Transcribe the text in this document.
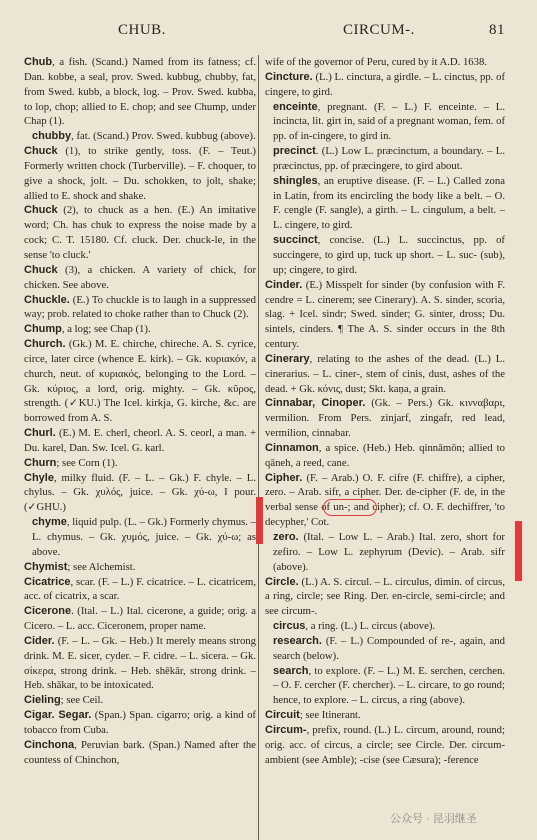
CHUB.	CIRCUM-.	81

Chub, a fish. (Scand.) Named from its fatness; cf. Dan. kobbe, a seal, prov. Swed. kubbug, chubby, fat, from Swed. kubb, a block, log. – Prov. Swed. kubba, to lop, chop; allied to E. chop; and see Chump, under Chap (1).

chubby, fat. (Scand.) Prov. Swed. kubbug (above).

Chuck (1), to strike gently, toss. (F. – Teut.) Formerly written chock (Turberville). – F. choquer, to give a shock, jolt. – Du. schokken, to jolt, shake; allied to E. shock and shake.

Chuck (2), to chuck as a hen. (E.) An imitative word; Ch. has chuk to express the noise made by a cock; C. T. 15180. Cf. cluck. Der. chuck-le, in the sense 'to cluck.'

Chuck (3), a chicken. A variety of chick, for chicken. See above.

Chuckle. (E.) To chuckle is to laugh in a suppressed way; prob. related to choke rather than to Chuck (2).

Chump, a log; see Chap (1).

Church. (Gk.) M. E. chirche, chireche. A. S. cyrice, circe, later circe (whence E. kirk). – Gk. κυριακόν, a church, neut. of κυριακός, belonging to the Lord. – Gk. κύριος, a lord, orig. mighty. – Gk. κῦρος, strength. (✓KU.) The Icel. kirkja, G. kirche, &c. are borrowed from A. S.

Churl. (E.) M. E. cherl, cheorl. A. S. ceorl, a man. + Du. karel, Dan. Sw. Icel. G. karl.

Churn; see Corn (1).

Chyle, milky fluid. (F. – L. – Gk.) F. chyle. – L. chylus. – Gk. χυλός, juice. – Gk. χύ-ω, I pour. (✓GHU.)

chyme, liquid pulp. (L. – Gk.) Formerly chymus. – L. chymus. – Gk. χυμός, juice. – Gk. χύ-ω; as above.

Chymist; see Alchemist.

Cicatrice, scar. (F. – L.) F. cicatrice. – L. cicatricem, acc. of cicatrix, a scar.

Cicerone. (Ital. – L.) Ital. cicerone, a guide; orig. a Cicero. – L. acc. Ciceronem, proper name.

Cider. (F. – L. – Gk. – Heb.) It merely means strong drink. M. E. sicer, cyder. – F. cidre. – L. sicera. – Gk. σίκερα, strong drink. – Heb. shēkār, strong drink. – Heb. shākar, to be intoxicated.

Cieling; see Ceil.

Cigar. Segar. (Span.) Span. cigarro; orig. a kind of tobacco from Cuba.

Cinchona, Peruvian bark. (Span.) Named after the countess of Chinchon,

wife of the governor of Peru, cured by it A.D. 1638.

Cincture. (L.) L. cinctura, a girdle. – L. cinctus, pp. of cingere, to gird.

enceinte, pregnant. (F. – L.) F. enceinte. – L. incincta, lit. girt in, said of a pregnant woman, fem. of pp. of in-cingere, to gird in.

precinct. (L.) Low L. præcinctum, a boundary. – L. præcinctus, pp. of præcingere, to gird about.

shingles, an eruptive disease. (F. – L.) Called zona in Latin, from its encircling the body like a belt. – O. F. cengle (F. sangle), a girth. – L. cingulum, a belt. – L. cingere, to gird.

succinct, concise. (L.) L. succinctus, pp. of succingere, to gird up, tuck up short. – L. suc- (sub), up; cingere, to gird.

Cinder. (E.) Misspelt for sinder (by confusion with F. cendre = L. cinerem; see Cinerary). A. S. sinder, scoria, slag. + Icel. sindr; Swed. sinder; G. sinter, dross; Du. sintels, cinders. ¶ The A. S. sinder occurs in the 8th century.

Cinerary, relating to the ashes of the dead. (L.) L. cinerarius. – L. ciner-, stem of cinis, dust, ashes of the dead. + Gk. κόνις, dust; Skt. kaṇa, a grain.

Cinnabar, Cinoper. (Gk. – Pers.) Gk. κινναβαρι, vermilion. From Pers. zinjarf, zingafr, red lead, vermilion, cinnabar.

Cinnamon, a spice. (Heb.) Heb. qinnāmōn; allied to qāneh, a reed, cane.

Cipher. (F. – Arab.) O. F. cifre (F. chiffre), a cipher, zero. – Arab. sifr, a cipher. Der. de-cipher (F. de, in the verbal sense of un-; and cipher); cf. O. F. dechiffrer, 'to decypher,' Cot.

zero. (Ital. – Low L. – Arab.) Ital. zero, short for zefiro. – Low L. zephyrum (Devic). – Arab. sifr (above).

Circle. (L.) A. S. circul. – L. circulus, dimin. of circus, a ring, circle; see Ring. Der. en-circle, semi-circle; and see circum-.

circus, a ring. (L.) L. circus (above).

research. (F. – L.) Compounded of re-, again, and search (below).

search, to explore. (F. – L.) M. E. serchen, cerchen. – O. F. cercher (F. chercher). – L. circare, to go round; hence, to explore. – L. circus, a ring (above).

Circuit; see Itinerant.

Circum-, prefix, round. (L.) L. circum, around, round; orig. acc. of circus, a circle; see Circle. Der. circum-ambient (see Amble); -cise (see Cæsura); -ference

公众号 · 昆羽继圣
